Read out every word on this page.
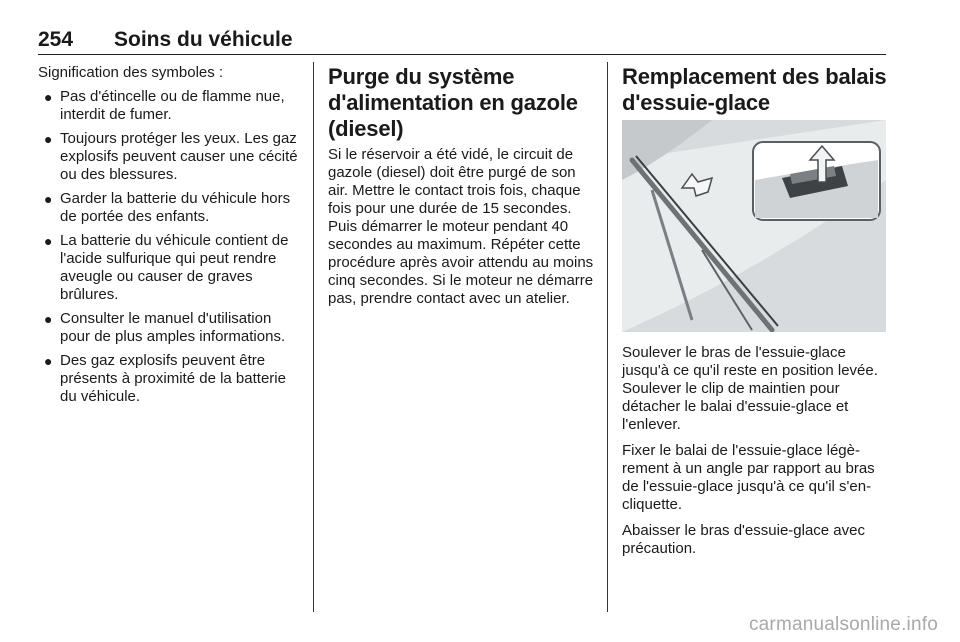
254 Soins du véhicule

Signification des symboles :

● Pas d'étincelle ou de flamme nue, interdit de fumer.
● Toujours protéger les yeux. Les gaz explosifs peuvent causer une cécité ou des blessures.
● Garder la batterie du véhicule hors de portée des enfants.
● La batterie du véhicule contient de l'acide sulfurique qui peut rendre aveugle ou causer de graves brûlures.
● Consulter le manuel d'utilisation pour de plus amples informations.
● Des gaz explosifs peuvent être présents à proximité de la batterie du véhicule.
Purge du système d'alimentation en gazole (diesel)

Si le réservoir a été vidé, le circuit de gazole (diesel) doit être purgé de son air. Mettre le contact trois fois, chaque fois pour une durée de 15 secondes. Puis démarrer le moteur pendant 40 secondes au maximum. Répéter cette procédure après avoir attendu au moins cinq secondes. Si le moteur ne démarre pas, prendre contact avec un atelier.

Remplacement des balais d'essuie-glace

Soulever le bras de l'essuie-glace jusqu'à ce qu'il reste en position levée. Soulever le clip de maintien pour détacher le balai d'essuie-glace et l'enlever.

Fixer le balai de l'essuie-glace légèrement à un angle par rapport au bras de l'essuie-glace jusqu'à ce qu'il s'encliquette.

Abaisser le bras d'essuie-glace avec précaution.

carmanualsonline.info
